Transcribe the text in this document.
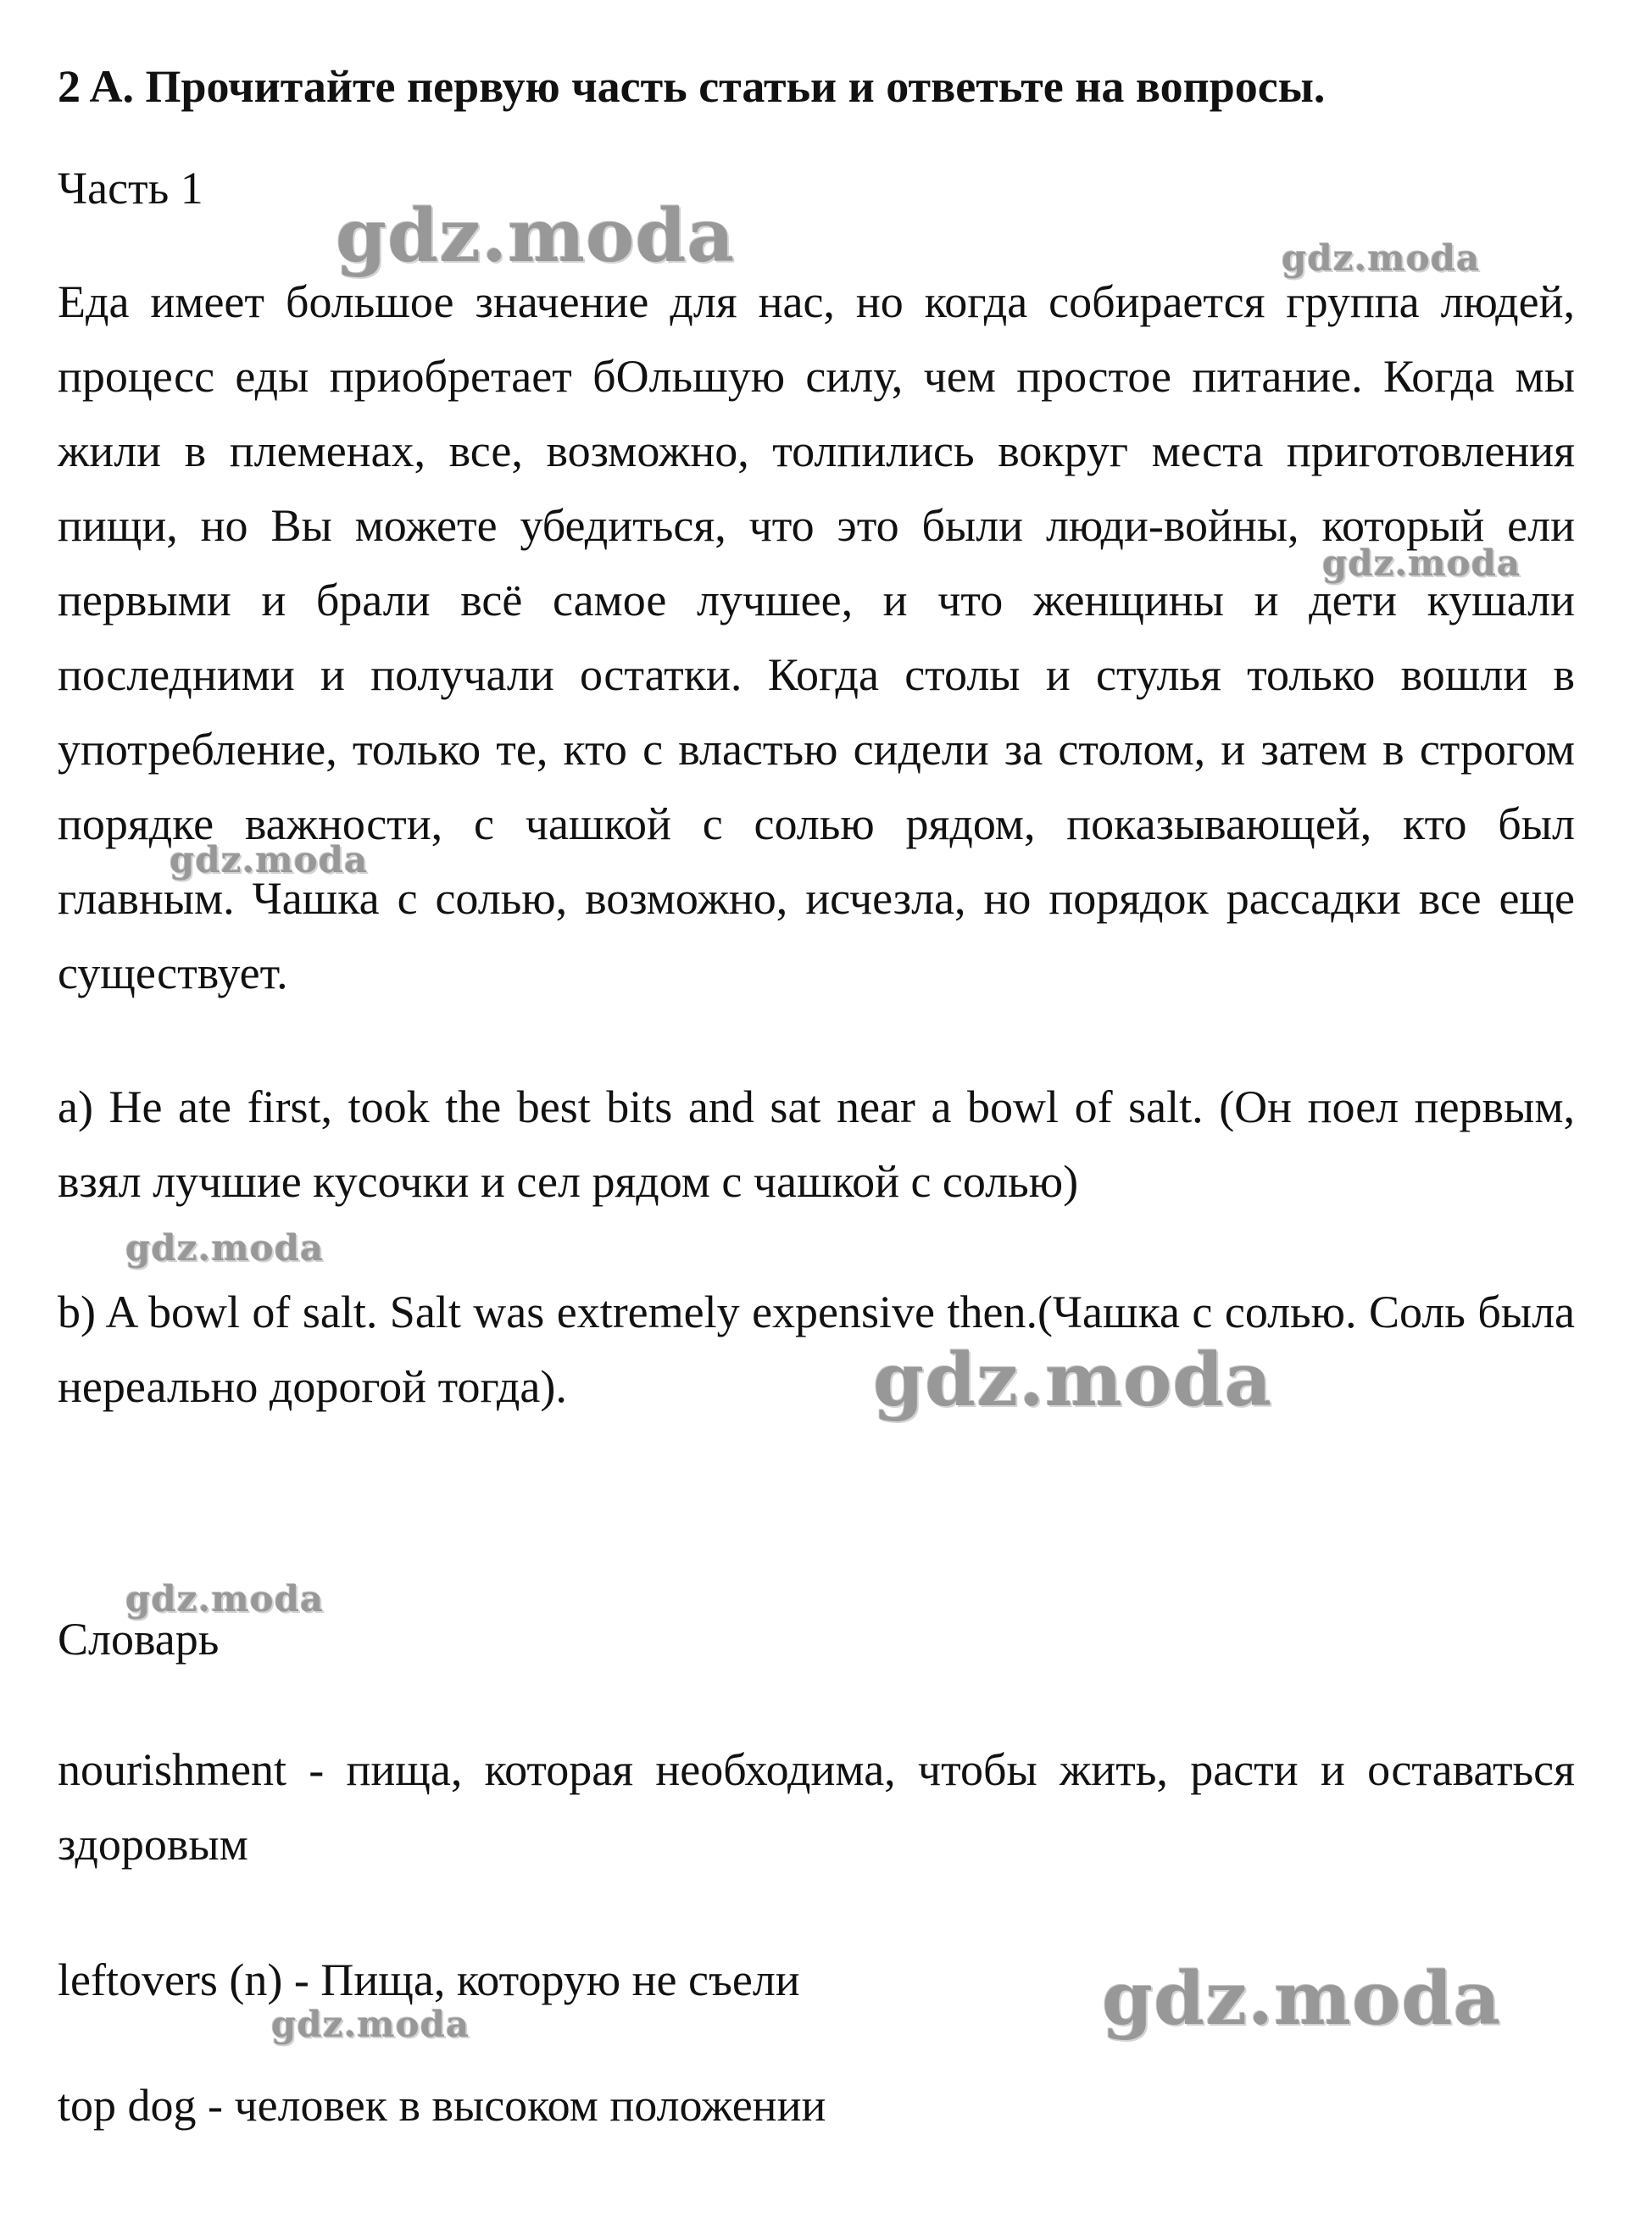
2 A. Прочитайте первую часть статьи и ответьте на вопросы.
Часть 1
Еда имеет большое значение для нас, но когда собирается группа людей, процесс еды приобретает бОльшую силу, чем простое питание. Когда мы жили в племенах, все, возможно, толпились вокруг места приготовления пищи, но Вы можете убедиться, что это были люди-войны, который ели первыми и брали всё самое лучшее, и что женщины и дети кушали последними и получали остатки. Когда столы и стулья только вошли в употребление, только те, кто с властью сидели за столом, и затем в строгом порядке важности, с чашкой с солью рядом, показывающей, кто был главным. Чашка с солью, возможно, исчезла, но порядок рассадки все еще существует.
a) He ate first, took the best bits and sat near a bowl of salt. (Он поел первым, взял лучшие кусочки и сел рядом с чашкой с солью)
b) A bowl of salt. Salt was extremely expensive then.(Чашка с солью. Соль была нереально дорогой тогда).
Словарь
nourishment - пища, которая необходима, чтобы жить, расти и оставаться здоровым
leftovers (n) - Пища, которую не съели
top dog - человек в высоком положении
gdz.moda	gdz.moda
gdz.moda
gdz.moda
gdz.moda
gdz.moda
gdz.moda
gdz.moda
gdz.moda
